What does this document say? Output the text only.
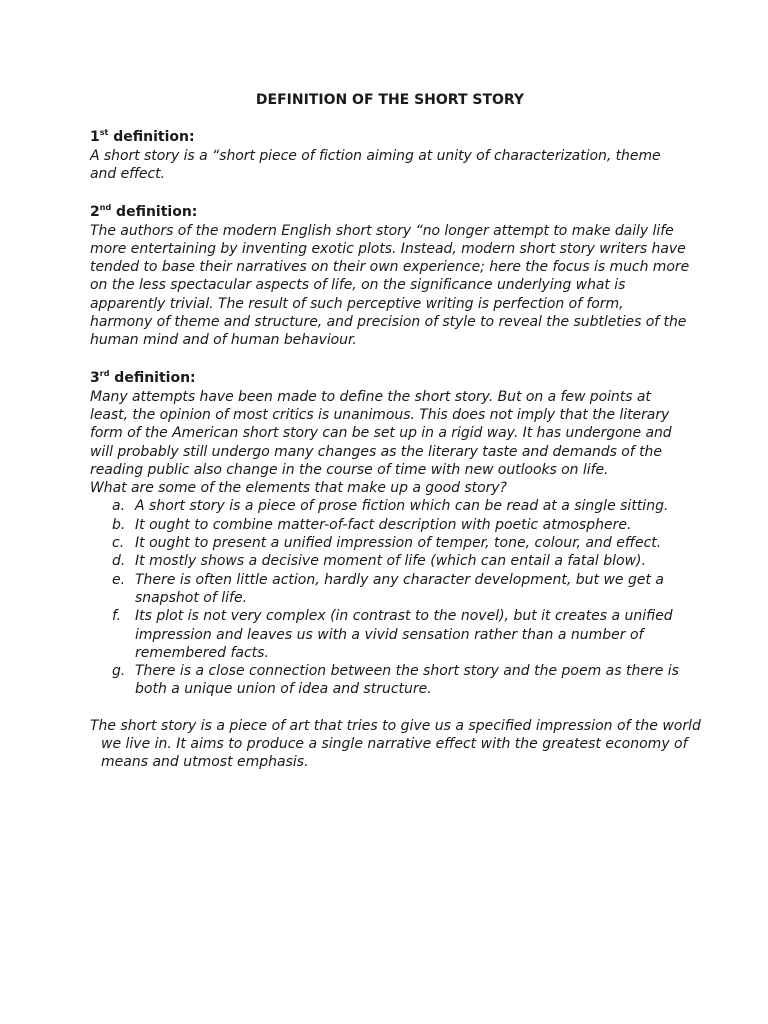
DEFINITION OF THE SHORT STORY

1st definition:

A short story is a “short piece of fiction aiming at unity of characterization, theme and effect.

2nd definition:

The authors of the modern English short story “no longer attempt to make daily life more entertaining by inventing exotic plots. Instead, modern short story writers have tended to base their narratives on their own experience; here the focus is much more on the less spectacular aspects of life, on the significance underlying what is apparently trivial. The result of such perceptive writing is perfection of form, harmony of theme and structure, and precision of style to reveal the subtleties of the human mind and of human behaviour.

3rd definition:

Many attempts have been made to define the short story. But on a few points at least, the opinion of most critics is unanimous. This does not imply that the literary form of the American short story can be set up in a rigid way. It has undergone and will probably still undergo many changes as the literary taste and demands of the reading public also change in the course of time with new outlooks on life.

What are some of the elements that make up a good story?

a. A short story is a piece of prose fiction which can be read at a single sitting.
b. It ought to combine matter-of-fact description with poetic atmosphere.
c. It ought to present a unified impression of temper, tone, colour, and effect.
d. It mostly shows a decisive moment of life (which can entail a fatal blow).
e. There is often little action, hardly any character development, but we get a snapshot of life.
f. Its plot is not very complex (in contrast to the novel), but it creates a unified impression and leaves us with a vivid sensation rather than a number of remembered facts.
g. There is a close connection between the short story and the poem as there is both a unique union of idea and structure.

The short story is a piece of art that tries to give us a specified impression of the world we live in. It aims to produce a single narrative effect with the greatest economy of means and utmost emphasis.
